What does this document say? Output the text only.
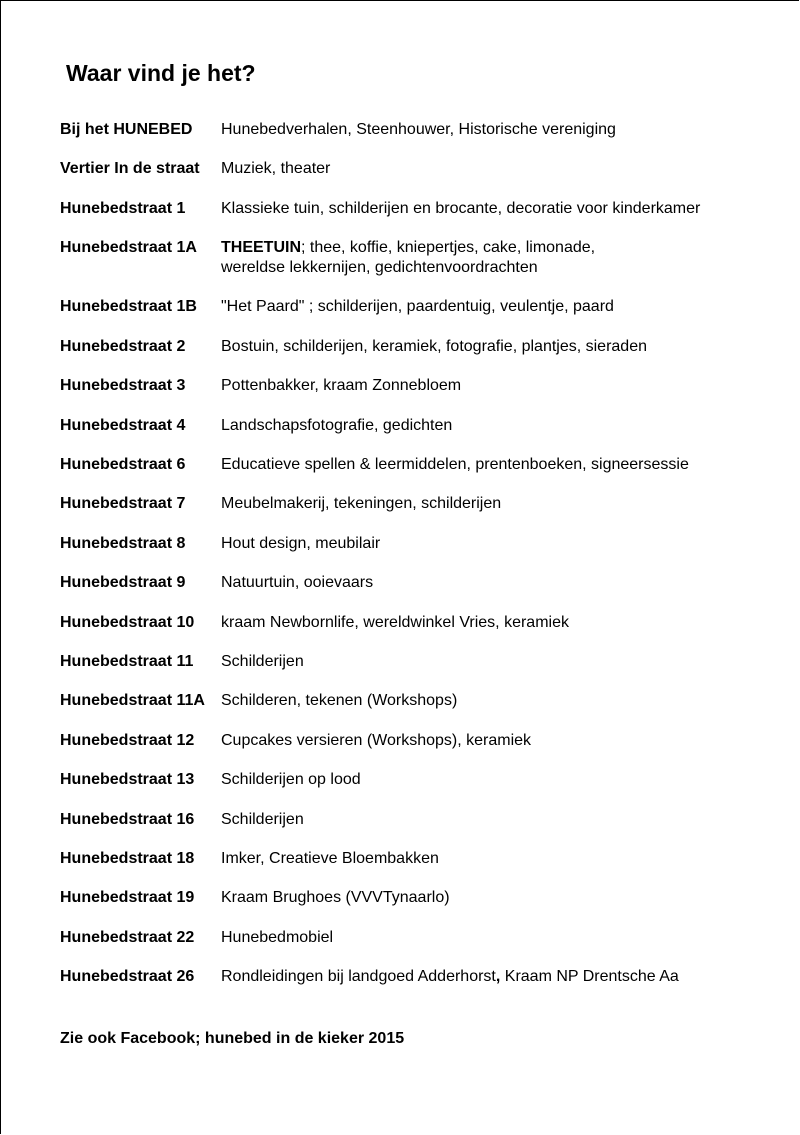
Waar vind je het?
Bij het HUNEBED	Hunebedverhalen, Steenhouwer, Historische vereniging
Vertier In de straat	Muziek, theater
Hunebedstraat 1	Klassieke tuin, schilderijen en brocante, decoratie voor kinderkamer
Hunebedstraat 1A	THEETUIN; thee, koffie, kniepertjes, cake, limonade,
wereldse lekkernijen, gedichtenvoordrachten
Hunebedstraat 1B	"Het Paard" ; schilderijen, paardentuig, veulentje, paard
Hunebedstraat 2	Bostuin, schilderijen, keramiek, fotografie, plantjes, sieraden
Hunebedstraat 3	Pottenbakker, kraam Zonnebloem
Hunebedstraat 4	Landschapsfotografie, gedichten
Hunebedstraat 6	Educatieve spellen & leermiddelen, prentenboeken, signeersessie
Hunebedstraat 7	Meubelmakerij, tekeningen, schilderijen
Hunebedstraat 8	Hout design, meubilair
Hunebedstraat 9	Natuurtuin, ooievaars
Hunebedstraat 10	kraam Newbornlife, wereldwinkel Vries, keramiek
Hunebedstraat 11	Schilderijen
Hunebedstraat 11A	Schilderen, tekenen (Workshops)
Hunebedstraat 12	Cupcakes versieren (Workshops), keramiek
Hunebedstraat 13	Schilderijen op lood
Hunebedstraat 16	Schilderijen
Hunebedstraat 18	Imker, Creatieve Bloembakken
Hunebedstraat 19	Kraam Brughoes (VVVTynaarlo)
Hunebedstraat 22	Hunebedmobiel
Hunebedstraat 26	Rondleidingen bij landgoed Adderhorst, Kraam NP Drentsche Aa
Zie ook Facebook; hunebed in de kieker 2015
